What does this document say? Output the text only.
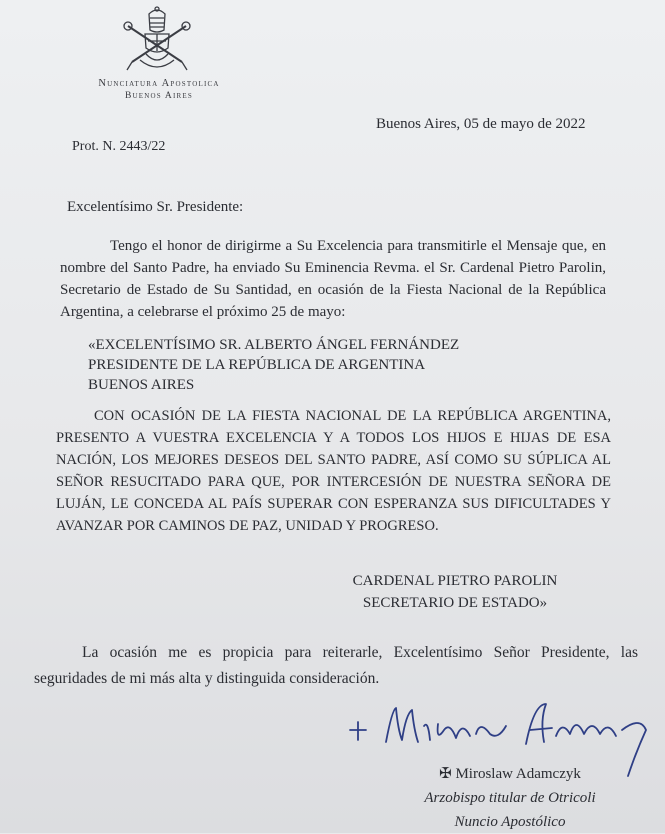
Nunciatura Apostolica
Buenos Aires
Buenos Aires, 05 de mayo de 2022
Prot. N. 2443/22
Excelentísimo Sr. Presidente:
Tengo el honor de dirigirme a Su Excelencia para transmitirle el Mensaje que, en nombre del Santo Padre, ha enviado Su Eminencia Revma. el Sr. Cardenal Pietro Parolin, Secretario de Estado de Su Santidad, en ocasión de la Fiesta Nacional de la República Argentina, a celebrarse el próximo 25 de mayo:
«EXCELENTÍSIMO SR. ALBERTO ÁNGEL FERNÁNDEZ
PRESIDENTE DE LA REPÚBLICA DE ARGENTINA
BUENOS AIRES
CON OCASIÓN DE LA FIESTA NACIONAL DE LA REPÚBLICA ARGENTINA, PRESENTO A VUESTRA EXCELENCIA Y A TODOS LOS HIJOS E HIJAS DE ESA NACIÓN, LOS MEJORES DESEOS DEL SANTO PADRE, ASÍ COMO SU SÚPLICA AL SEÑOR RESUCITADO PARA QUE, POR INTERCESIÓN DE NUESTRA SEÑORA DE LUJÁN, LE CONCEDA AL PAÍS SUPERAR CON ESPERANZA SUS DIFICULTADES Y AVANZAR POR CAMINOS DE PAZ, UNIDAD Y PROGRESO.
CARDENAL PIETRO PAROLIN
SECRETARIO DE ESTADO»
La ocasión me es propicia para reiterarle, Excelentísimo Señor Presidente, las seguridades de mi más alta y distinguida consideración.
✠ Miroslaw Adamczyk
Arzobispo titular de Otricoli
Nuncio Apostólico
